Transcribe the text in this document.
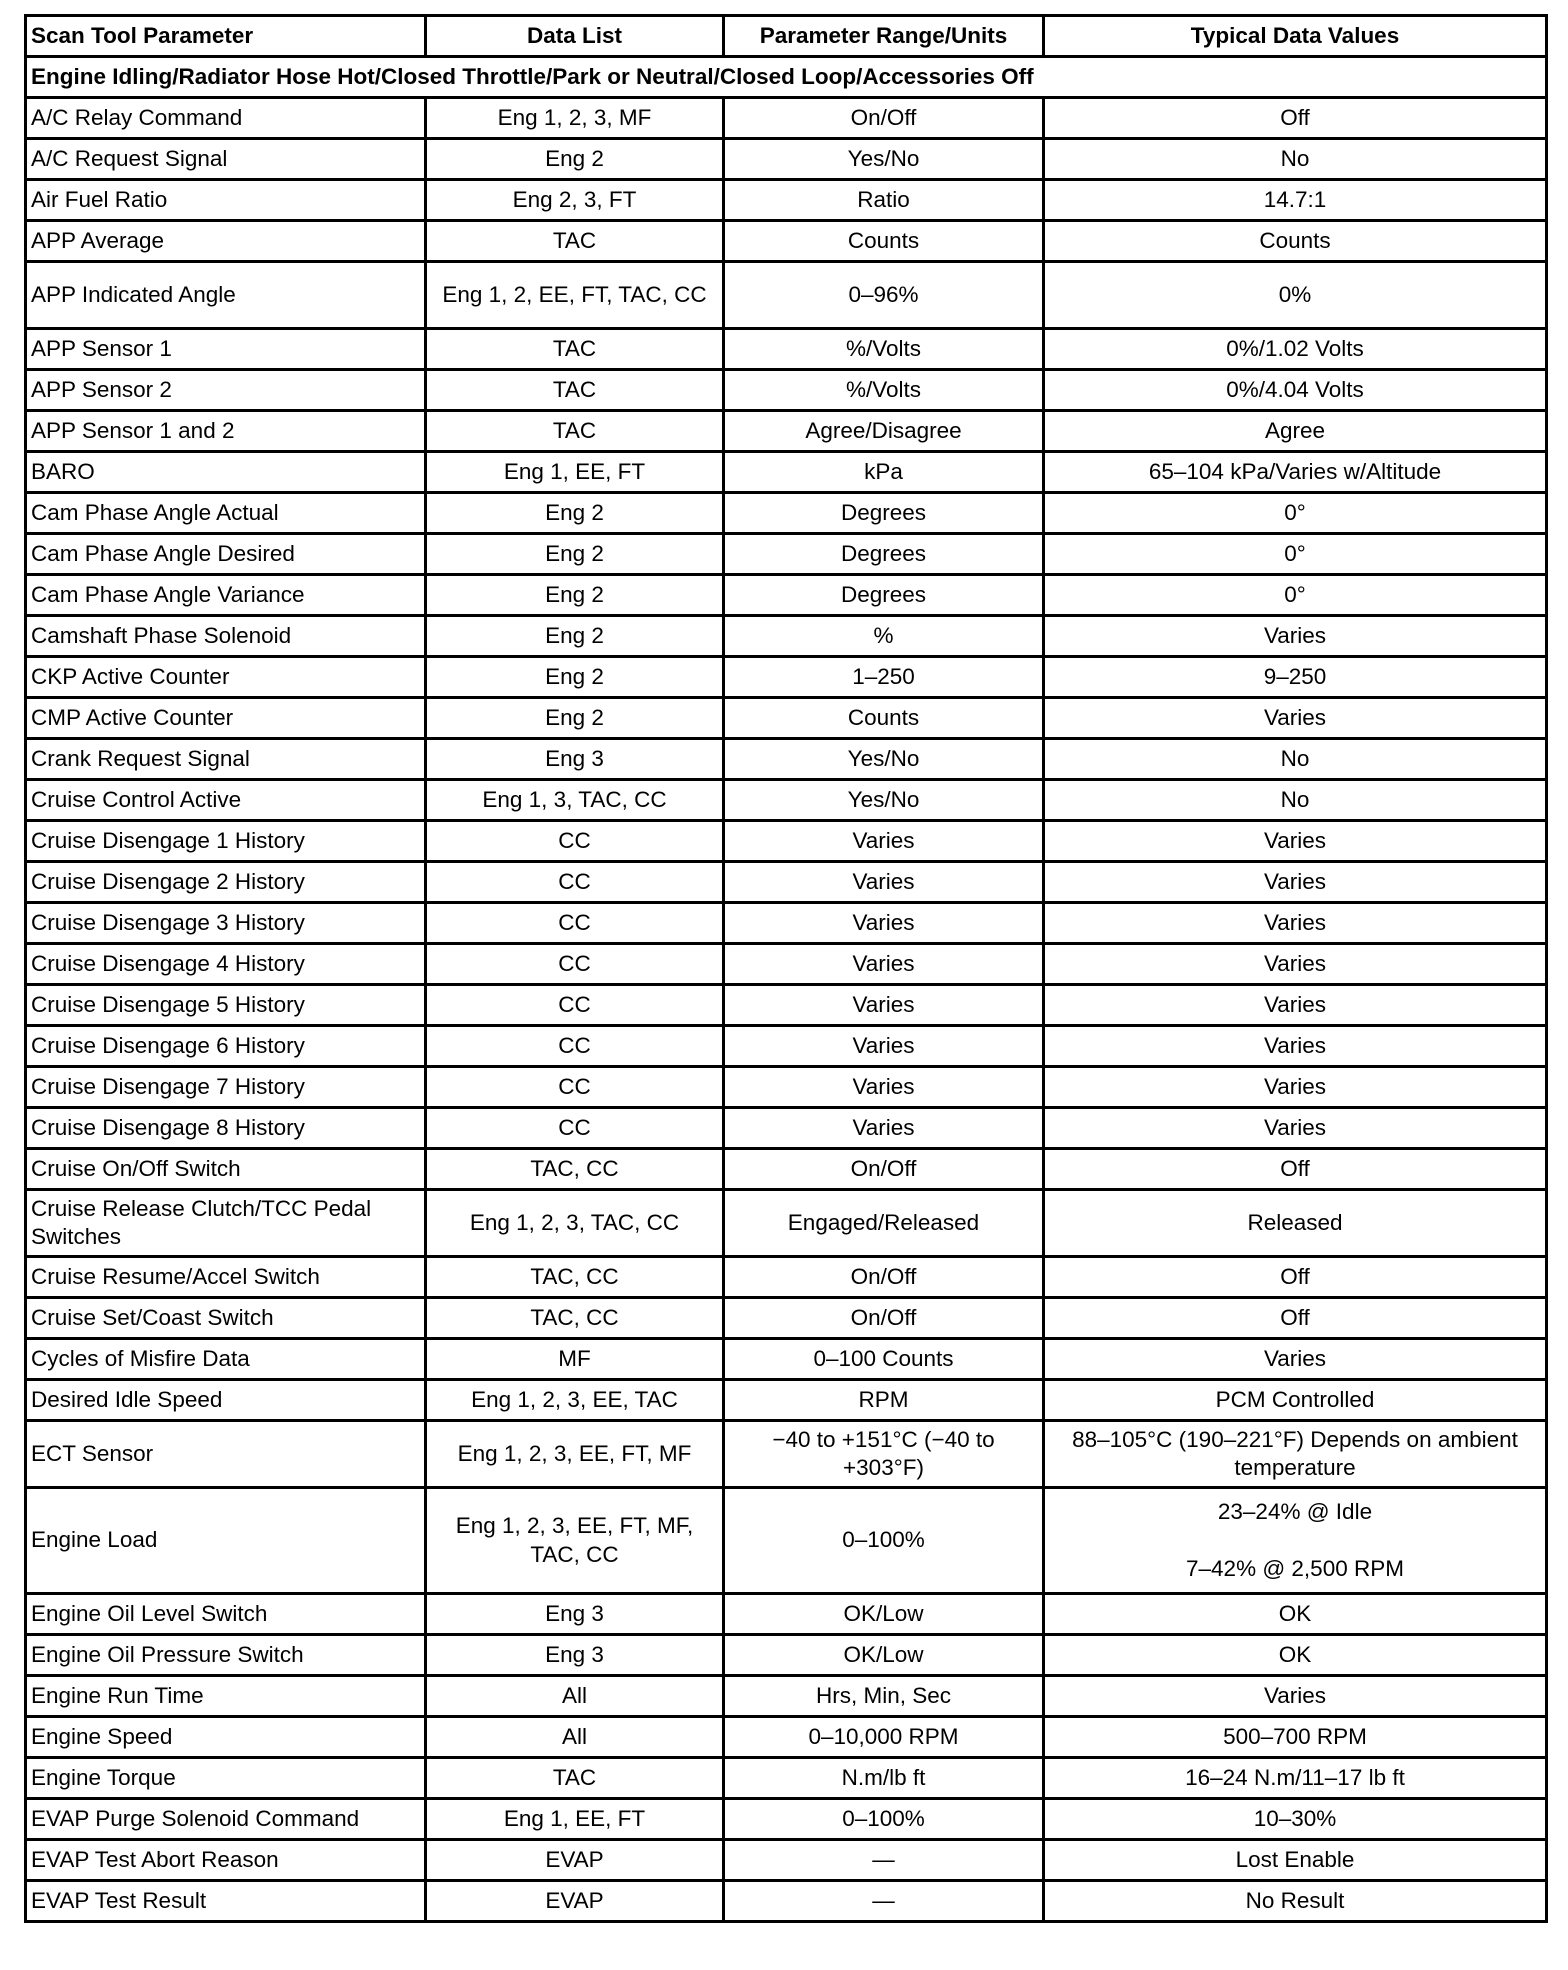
Scan Tool Parameter	Data List	Parameter Range/Units	Typical Data Values
Engine Idling/Radiator Hose Hot/Closed Throttle/Park or Neutral/Closed Loop/Accessories Off			
A/C Relay Command	Eng 1, 2, 3, MF	On/Off	Off
A/C Request Signal	Eng 2	Yes/No	No
Air Fuel Ratio	Eng 2, 3, FT	Ratio	14.7:1
APP Average	TAC	Counts	Counts
APP Indicated Angle	Eng 1, 2, EE, FT, TAC, CC	0–96%	0%
APP Sensor 1	TAC	%/Volts	0%/1.02 Volts
APP Sensor 2	TAC	%/Volts	0%/4.04 Volts
APP Sensor 1 and 2	TAC	Agree/Disagree	Agree
BARO	Eng 1, EE, FT	kPa	65–104 kPa/Varies w/Altitude
Cam Phase Angle Actual	Eng 2	Degrees	0°
Cam Phase Angle Desired	Eng 2	Degrees	0°
Cam Phase Angle Variance	Eng 2	Degrees	0°
Camshaft Phase Solenoid	Eng 2	%	Varies
CKP Active Counter	Eng 2	1–250	9–250
CMP Active Counter	Eng 2	Counts	Varies
Crank Request Signal	Eng 3	Yes/No	No
Cruise Control Active	Eng 1, 3, TAC, CC	Yes/No	No
Cruise Disengage 1 History	CC	Varies	Varies
Cruise Disengage 2 History	CC	Varies	Varies
Cruise Disengage 3 History	CC	Varies	Varies
Cruise Disengage 4 History	CC	Varies	Varies
Cruise Disengage 5 History	CC	Varies	Varies
Cruise Disengage 6 History	CC	Varies	Varies
Cruise Disengage 7 History	CC	Varies	Varies
Cruise Disengage 8 History	CC	Varies	Varies
Cruise On/Off Switch	TAC, CC	On/Off	Off
Cruise Release Clutch/TCC Pedal Switches	Eng 1, 2, 3, TAC, CC	Engaged/Released	Released
Cruise Resume/Accel Switch	TAC, CC	On/Off	Off
Cruise Set/Coast Switch	TAC, CC	On/Off	Off
Cycles of Misfire Data	MF	0–100 Counts	Varies
Desired Idle Speed	Eng 1, 2, 3, EE, TAC	RPM	PCM Controlled
ECT Sensor	Eng 1, 2, 3, EE, FT, MF	−40 to +151°C (−40 to +303°F)	88–105°C (190–221°F) Depends on ambient temperature
Engine Load	Eng 1, 2, 3, EE, FT, MF, TAC, CC	0–100%	23–24% @ Idle
7–42% @ 2,500 RPM
Engine Oil Level Switch	Eng 3	OK/Low	OK
Engine Oil Pressure Switch	Eng 3	OK/Low	OK
Engine Run Time	All	Hrs, Min, Sec	Varies
Engine Speed	All	0–10,000 RPM	500–700 RPM
Engine Torque	TAC	N.m/lb ft	16–24 N.m/11–17 lb ft
EVAP Purge Solenoid Command	Eng 1, EE, FT	0–100%	10–30%
EVAP Test Abort Reason	EVAP	—	Lost Enable
EVAP Test Result	EVAP	—	No Result
